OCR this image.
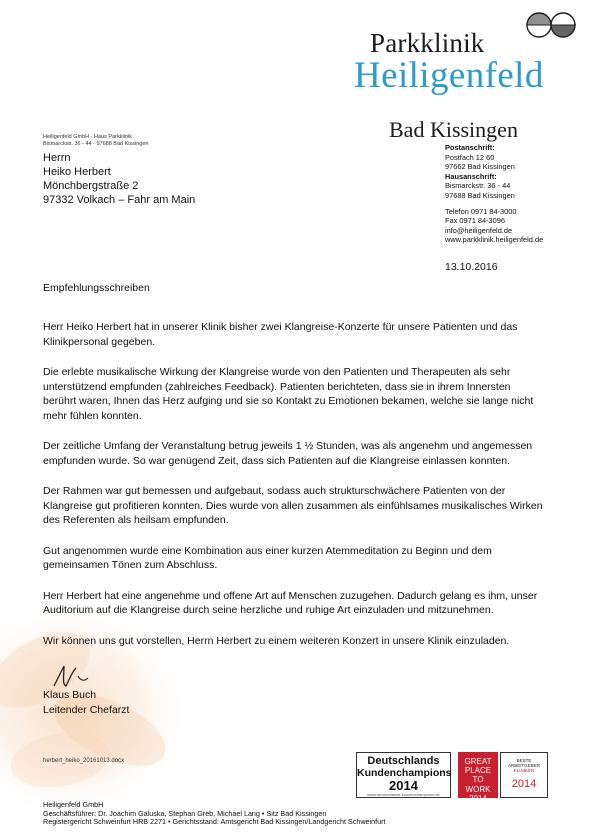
Parkklinik
Heiligenfeld
Bad Kissingen
Heiligenfeld GmbH - Haus Parkklinik
Bismarckstr. 36 - 44 - 97688 Bad Kissingen
Herrn
Heiko Herbert
Mönchbergstraße 2
97332 Volkach – Fahr am Main
Postanschrift:
Postfach 12 60
97662 Bad Kissingen
Hausanschrift:
Bismarckstr. 36 - 44
97688 Bad Kissingen
Telefon 0971 84-3000
Fax 0971 84-3096
info@heiligenfeld.de
www.parkklinik.heiligenfeld.de
13.10.2016
Empfehlungsschreiben

Herr Heiko Herbert hat in unserer Klinik bisher zwei Klangreise-Konzerte für unsere Patienten und das Klinikpersonal gegeben.

Die erlebte musikalische Wirkung der Klangreise wurde von den Patienten und Therapeuten als sehr unterstützend empfunden (zahlreiches Feedback). Patienten berichteten, dass sie in ihrem Innersten berührt waren, Ihnen das Herz aufging und sie so Kontakt zu Emotionen bekamen, welche sie lange nicht mehr fühlen konnten.

Der zeitliche Umfang der Veranstaltung betrug jeweils 1 ½ Stunden, was als angenehm und angemessen empfunden wurde. So war genügend Zeit, dass sich Patienten auf die Klangreise einlassen konnten.

Der Rahmen war gut bemessen und aufgebaut, sodass auch strukturschwächere Patienten von der Klangreise gut profitieren konnten. Dies wurde von allen zusammen als einfühlsames musikalisches Wirken des Referenten als heilsam empfunden.

Gut angenommen wurde eine Kombination aus einer kurzen Atemmeditation zu Beginn und dem gemeinsamen Tönen zum Abschluss.

Herr Herbert hat eine angenehme und offene Art auf Menschen zuzugehen. Dadurch gelang es ihm, unser Auditorium auf die Klangreise durch seine herzliche und ruhige Art einzuladen und mitzunehmen.

Wir können uns gut vorstellen, Herrn Herbert zu einem weiteren Konzert in unsere Klinik einzuladen.

Klaus Buch
Leitender Chefarzt
herbert_heiko_20161013.docx	Deutschlands
Kundenchampions
2014
www.deutschlands-kundenchampions.de
GREAT
PLACE
TO
WORK
2014
BESTE ARBEITGEBER
KLINIKEN
2014
Heiligenfeld GmbH
Geschäftsführer: Dr. Joachim Galuska, Stephan Greb, Michael Lang • Sitz Bad Kissingen
Registergericht Schweinfurt HRB 2271 • Gerichtsstand: Amtsgericht Bad Kissingen/Landgericht Schweinfurt
